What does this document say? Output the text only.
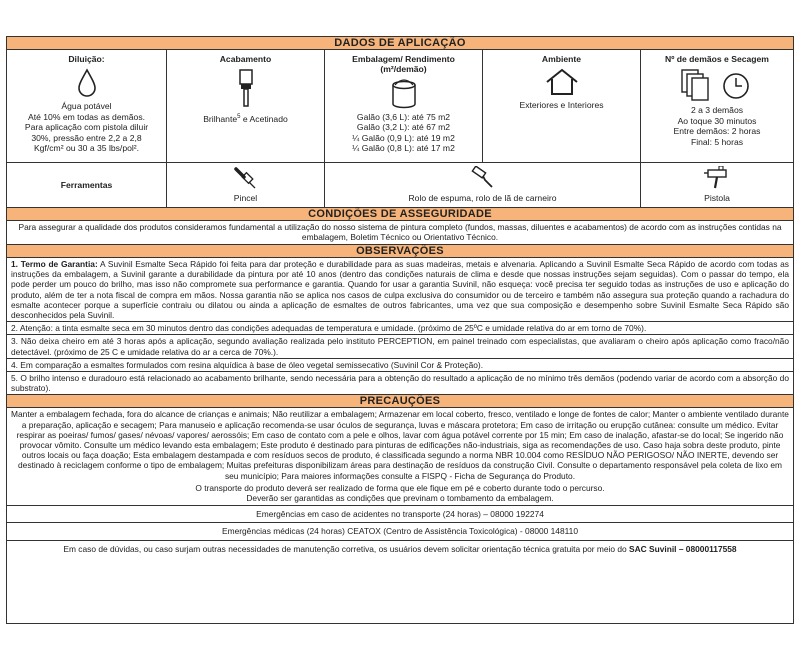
DADOS DE APLICAÇÃO
Diluição:
Água potável
Até 10% em todas as demãos.
Para aplicação com pistola diluir
30%, pressão entre 2,2 a 2,8
Kgf/cm² ou 30 a 35 lbs/pol².
Acabamento
Brilhante$^5$ e Acetinado
Embalagem/ Rendimento
(m²/demão)
Galão (3,6 L): até 75 m2
Galão (3,2 L): até 67 m2
¼ Galão (0,9 L): até 19 m2
¼ Galão (0,8 L): até 17 m2
Ambiente
Exteriores e Interiores
Nº de demãos e Secagem
2 a 3 demãos
Ao toque 30 minutos
Entre demãos: 2 horas
Final: 5 horas
Ferramentas
Pincel	Rolo de espuma, rolo de lã de carneiro	Pistola
CONDIÇÕES DE ASSEGURIDADE
Para assegurar a qualidade dos produtos consideramos fundamental a utilização do nosso sistema de pintura completo (fundos, massas, diluentes e acabamentos) de acordo com as instruções contidas na embalagem, Boletim Técnico ou Orientativo Técnico.
OBSERVAÇÕES
1. Termo de Garantia: A Suvinil Esmalte Seca Rápido foi feita para dar proteção e durabilidade para as suas madeiras, metais e alvenaria. Aplicando a Suvinil Esmalte Seca Rápido de acordo com todas as instruções da embalagem, a Suvinil garante a durabilidade da pintura por até 10 anos (dentro das condições naturais de clima e desde que nossas instruções sejam seguidas). Com o passar do tempo, ela pode perder um pouco do brilho, mas isso não compromete sua performance e garantia. Quando for usar a garantia Suvinil, não esqueça: você precisa ter seguido todas as instruções de uso e aplicação do produto, além de ter a nota fiscal de compra em mãos. Nossa garantia não se aplica nos casos de culpa exclusiva do consumidor ou de terceiro e também não assegura sua proteção quando a rachadura do esmalte acontecer porque a superfície contraiu ou dilatou ou ainda a aplicação de esmaltes de outros fabricantes, uma vez que sua composição e desempenho sobre Suvinil Esmalte Seca Rápido são desconhecidos pela Suvinil.
2. Atenção: a tinta esmalte seca em 30 minutos dentro das condições adequadas de temperatura e umidade. (próximo de 25ºC e umidade relativa do ar em torno de 70%).
3. Não deixa cheiro em até 3 horas após a aplicação, segundo avaliação realizada pelo instituto PERCEPTION, em painel treinado com especialistas, que avaliaram o cheiro após aplicação como fraco/não detectável. (próximo de 25 C e umidade relativa do ar a cerca de 70%.).
4. Em comparação a esmaltes formulados com resina alquídica à base de óleo vegetal semissecativo (Suvinil Cor & Proteção).
5. O brilho intenso e duradouro está relacionado ao acabamento brilhante, sendo necessária para a obtenção do resultado a aplicação de no mínimo três demãos (podendo variar de acordo com a absorção do substrato).
PRECAUÇÕES
Manter a embalagem fechada, fora do alcance de crianças e animais; Não reutilizar a embalagem; Armazenar em local coberto, fresco, ventilado e longe de fontes de calor; Manter o ambiente ventilado durante a preparação, aplicação e secagem; Para manuseio e aplicação recomenda-se usar óculos de segurança, luvas e máscara protetora; Em caso de irritação ou erupção cutânea: consulte um médico. Evitar respirar as poeiras/ fumos/ gases/ névoas/ vapores/ aerossóis; Em caso de contato com a pele e olhos, lavar com água potável corrente por 15 min; Em caso de inalação, afastar-se do local; Se ingerido não provocar vômito. Consulte um médico levando esta embalagem; Este produto é destinado para pinturas de edificações não-industriais, siga as recomendações de uso. Caso haja sobra deste produto, pinte outros locais ou faça doação; Esta embalagem destampada e com resíduos secos de produto, é classificada segundo a norma NBR 10.004 como RESÍDUO NÃO PERIGOSO/ NÃO INERTE, devendo ser destinado à reciclagem conforme o tipo de embalagem; Muitas prefeituras disponibilizam áreas para destinação de resíduos da construção Civil. Consulte o departamento responsável pela coleta de lixo em seu município; Para maiores informações consulte a FISPQ - Ficha de Segurança do Produto.
O transporte do produto deverá ser realizado de forma que ele fique em pé e coberto durante todo o percurso.
Deverão ser garantidas as condições que previnam o tombamento da embalagem.
Emergências em caso de acidentes no transporte (24 horas) – 08000 192274
Emergências médicas (24 horas) CEATOX (Centro de Assistência Toxicológica) - 08000 148110
Em caso de dúvidas, ou caso surjam outras necessidades de manutenção corretiva, os usuários devem solicitar orientação técnica gratuita por meio do SAC Suvinil – 08000117558
